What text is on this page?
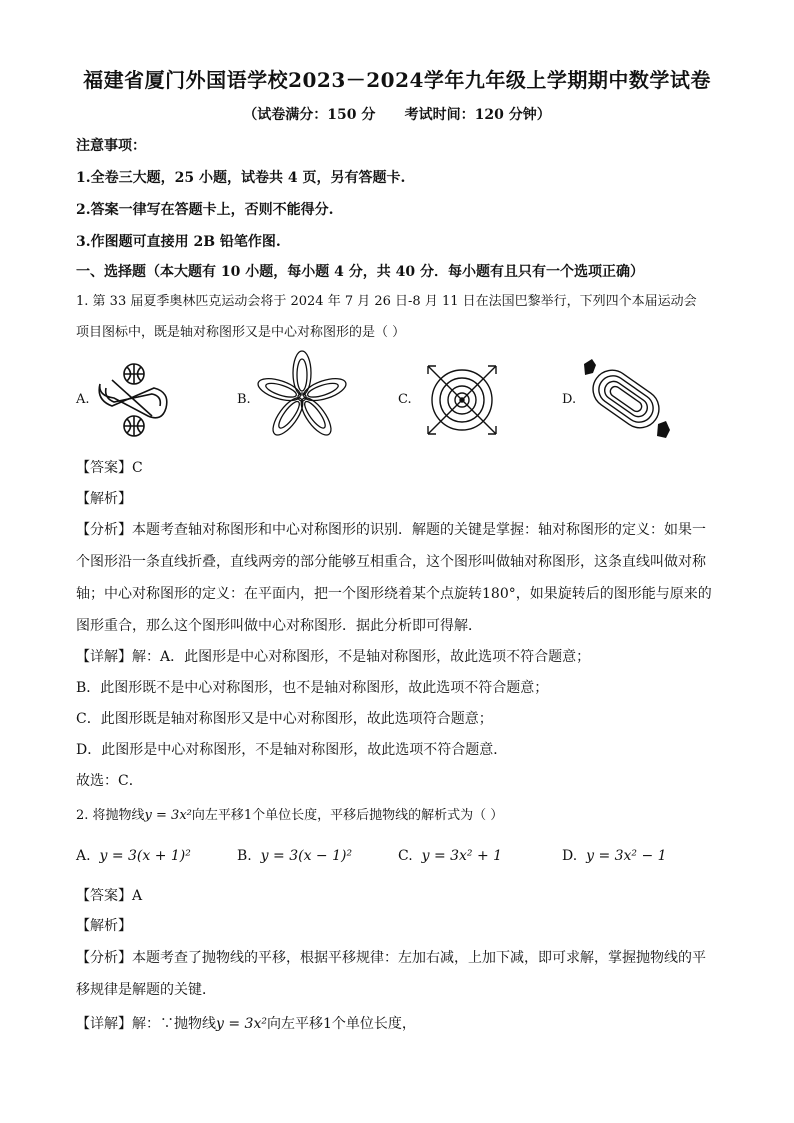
福建省厦门外国语学校2023－2024学年九年级上学期期中数学试卷
（试卷满分：150 分      考试时间：120 分钟）
注意事项：
1.全卷三大题，25 小题，试卷共 4 页，另有答题卡.
2.答案一律写在答题卡上，否则不能得分.
3.作图题可直接用 2B 铅笔作图.
一、选择题（本大题有 10 小题，每小题 4 分，共 40 分．每小题有且只有一个选项正确）
1. 第 33 届夏季奥林匹克运动会将于 2024 年 7 月 26 日-8 月 11 日在法国巴黎举行，下列四个本届运动会
项目图标中，既是轴对称图形又是中心对称图形的是（ ）
A.	B.	C.	D.
【答案】C
【解析】
【分析】本题考查轴对称图形和中心对称图形的识别．解题的关键是掌握：轴对称图形的定义：如果一
个图形沿一条直线折叠，直线两旁的部分能够互相重合，这个图形叫做轴对称图形，这条直线叫做对称
轴；中心对称图形的定义：在平面内，把一个图形绕着某个点旋转180°，如果旋转后的图形能与原来的
图形重合，那么这个图形叫做中心对称图形．据此分析即可得解．
【详解】解：A．此图形是中心对称图形，不是轴对称图形，故此选项不符合题意；
B．此图形既不是中心对称图形，也不是轴对称图形，故此选项不符合题意；
C．此图形既是轴对称图形又是中心对称图形，故此选项符合题意；
D．此图形是中心对称图形，不是轴对称图形，故此选项不符合题意．
故选：C．
2. 将抛物线y = 3x²向左平移1个单位长度，平移后抛物线的解析式为（ ）
A. y = 3(x + 1)²	B. y = 3(x − 1)²	C. y = 3x² + 1	D. y = 3x² − 1
【答案】A
【解析】
【分析】本题考查了抛物线的平移，根据平移规律：左加右减，上加下减，即可求解，掌握抛物线的平
移规律是解题的关键．
【详解】解：∵抛物线y = 3x²向左平移1个单位长度，
